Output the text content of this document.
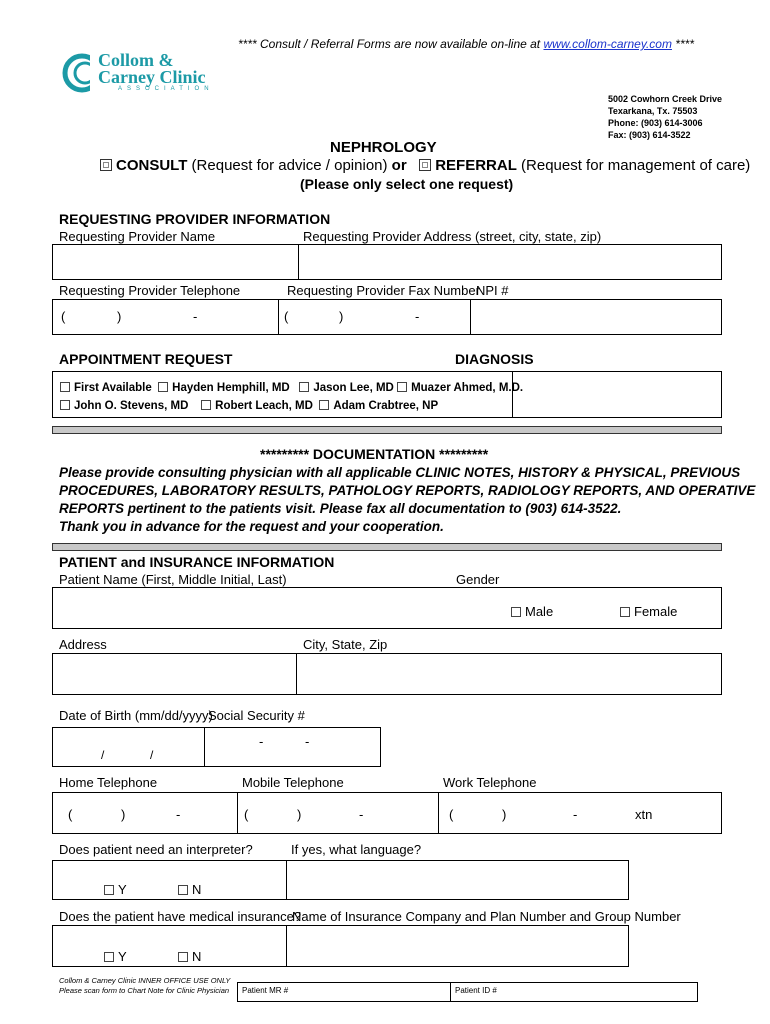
**** Consult / Referral Forms are now available on-line at www.collom-carney.com ****
Collom &
Carney Clinic
ASSOCIATION
5002 Cowhorn Creek Drive
Texarkana, Tx. 75503
Phone: (903) 614-3006
Fax: (903) 614-3522
NEPHROLOGY
CONSULT (Request for advice / opinion) or REFERRAL (Request for management of care)
(Please only select one request)
REQUESTING PROVIDER INFORMATION
Requesting Provider Name	Requesting Provider Address (street, city, state, zip)
Requesting Provider Telephone	Requesting Provider Fax Number
NPI #
(	)	-	(	)	-
APPOINTMENT REQUEST	DIAGNOSIS
First Available Hayden Hemphill, MD Jason Lee, MD Muazer Ahmed, M.D.
John O. Stevens, MD Robert Leach, MD Adam Crabtree, NP
********* DOCUMENTATION *********
Please provide consulting physician with all applicable CLINIC NOTES, HISTORY & PHYSICAL, PREVIOUS
PROCEDURES, LABORATORY RESULTS, PATHOLOGY REPORTS, RADIOLOGY REPORTS, AND OPERATIVE
REPORTS pertinent to the patients visit. Please fax all documentation to (903) 614-3522.
Thank you in advance for the request and your cooperation.
PATIENT and INSURANCE INFORMATION
Patient Name (First, Middle Initial, Last)	Gender
Male	Female
Address	City, State, Zip
Date of Birth (mm/dd/yyyy)
Social Security #
/	/
-	-
Home Telephone	Mobile Telephone	Work Telephone
(	)	-	(	)	-	(	)	-	xtn
Does patient need an interpreter?	If yes, what language?
Y	N
Does the patient have medical insurance?
Name of Insurance Company and Plan Number and Group Number
Y	N
Collom & Carney Clinic INNER OFFICE USE ONLY
Please scan form to Chart Note for Clinic Physician Patient MR #	Patient ID #
